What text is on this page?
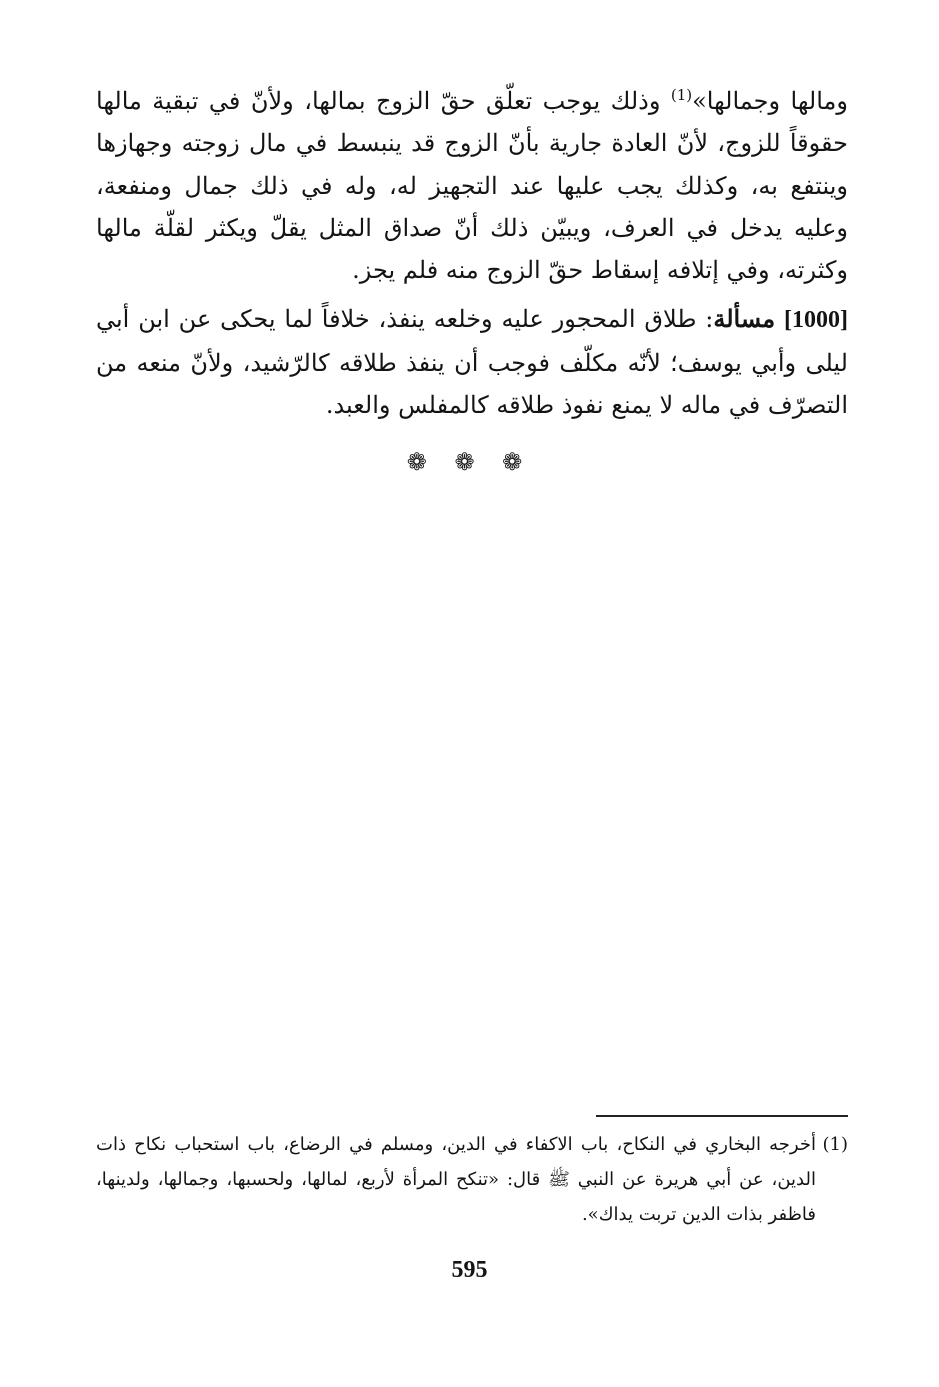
ومالها وجمالها»$^{(1)}$ وذلك يوجب تعلّق حقّ الزوج بمالها، ولأنّ في تبقية مالها حقوقاً للزوج، لأنّ العادة جارية بأنّ الزوج قد ينبسط في مال زوجته وجهازها وينتفع به، وكذلك يجب عليها عند التجهيز له، وله في ذلك جمال ومنفعة، وعليه يدخل في العرف، ويبيّن ذلك أنّ صداق المثل يقلّ ويكثر لقلّة مالها وكثرته، وفي إتلافه إسقاط حقّ الزوج منه فلم يجز.

[1000] مسألة: طلاق المحجور عليه وخلعه ينفذ، خلافاً لما يحكى عن ابن أبي ليلى وأبي يوسف؛ لأنّه مكلّف فوجب أن ينفذ طلاقه كالرّشيد، ولأنّ منعه من التصرّف في ماله لا يمنع نفوذ طلاقه كالمفلس والعبد.

❁ ❁ ❁

(1)
أخرجه البخاري في النكاح، باب الاكفاء في الدين، ومسلم في الرضاع، باب استحباب نكاح ذات الدين، عن أبي هريرة عن النبي ﷺ قال: «تنكح المرأة لأربع، لمالها، ولحسبها، وجمالها، ولدينها، فاظفر بذات الدين تربت يداك».

595
